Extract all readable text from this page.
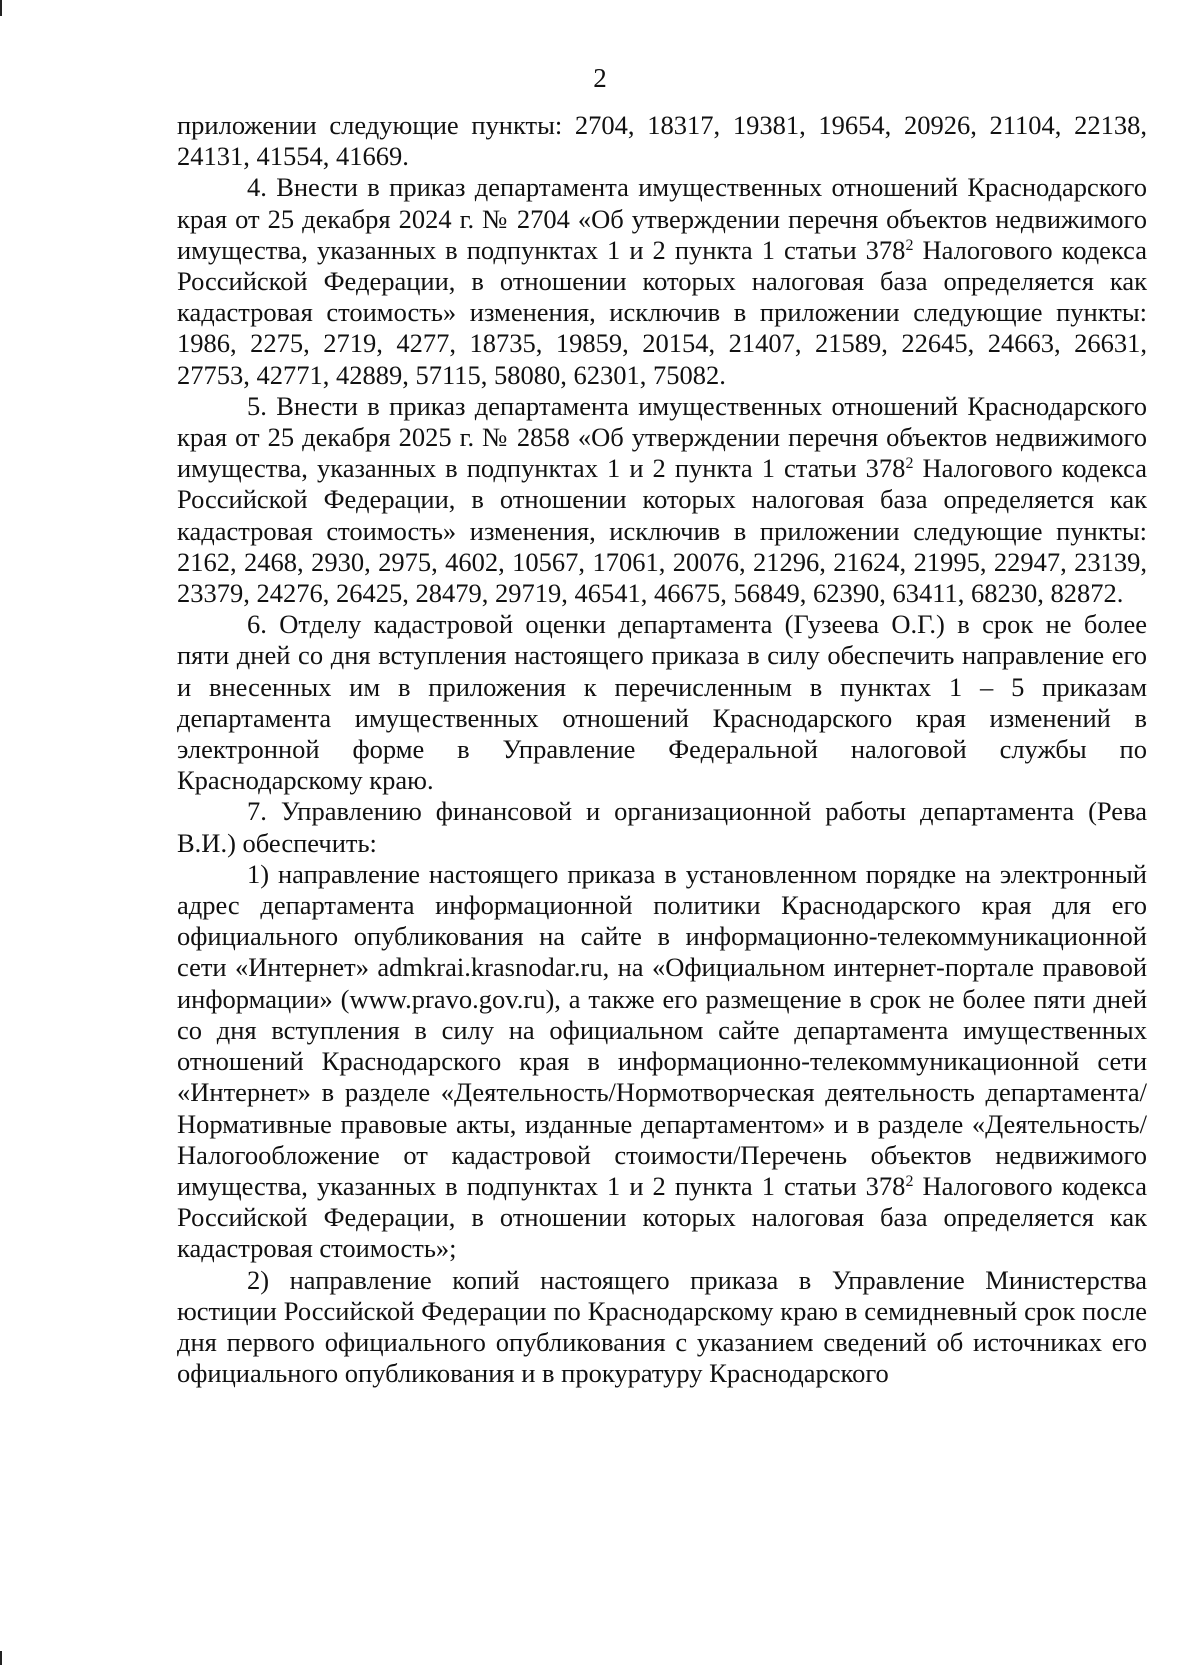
2

приложении следующие пункты: 2704, 18317, 19381, 19654, 20926, 21104, 22138, 24131, 41554, 41669.

4. Внести в приказ департамента имущественных отношений Краснодарского края от 25 декабря 2024 г. № 2704 «Об утверждении перечня объектов недвижимого имущества, указанных в подпунктах 1 и 2 пункта 1 статьи $378^2$ Налогового кодекса Российской Федерации, в отношении которых налоговая база определяется как кадастровая стоимость» изменения, исключив в приложении следующие пункты: 1986, 2275, 2719, 4277, 18735, 19859, 20154, 21407, 21589, 22645, 24663, 26631, 27753, 42771, 42889, 57115, 58080, 62301, 75082.

5. Внести в приказ департамента имущественных отношений Краснодарского края от 25 декабря 2025 г. № 2858 «Об утверждении перечня объектов недвижимого имущества, указанных в подпунктах 1 и 2 пункта 1 статьи $378^2$ Налогового кодекса Российской Федерации, в отношении которых налоговая база определяется как кадастровая стоимость» изменения, исключив в приложении следующие пункты: 2162, 2468, 2930, 2975, 4602, 10567, 17061, 20076, 21296, 21624, 21995, 22947, 23139, 23379, 24276, 26425, 28479, 29719, 46541, 46675, 56849, 62390, 63411, 68230, 82872.

6. Отделу кадастровой оценки департамента (Гузеева О.Г.) в срок не более пяти дней со дня вступления настоящего приказа в силу обеспечить направление его и внесенных им в приложения к перечисленным в пунктах 1 – 5 приказам департамента имущественных отношений Краснодарского края изменений в электронной форме в Управление Федеральной налоговой службы по Краснодарскому краю.

7. Управлению финансовой и организационной работы департамента (Рева В.И.) обеспечить:

1) направление настоящего приказа в установленном порядке на электронный адрес департамента информационной политики Краснодарского края для его официального опубликования на сайте в информационно-телекоммуникационной сети «Интернет» admkrai.krasnodar.ru, на «Официальном интернет-портале правовой информации» (www.pravo.gov.ru), а также его размещение в срок не более пяти дней со дня вступления в силу на официальном сайте департамента имущественных отношений Краснодарского края в информационно-телекоммуникационной сети «Интернет» в разделе «Деятельность/Нормотворческая деятельность департамента/Нормативные правовые акты, изданные департаментом» и в разделе «Деятельность/ Налогообложение от кадастровой стоимости/Перечень объектов недвижимого имущества, указанных в подпунктах 1 и 2 пункта 1 статьи $378^2$ Налогового кодекса Российской Федерации, в отношении которых налоговая база определяется как кадастровая стоимость»;

2) направление копий настоящего приказа в Управление Министерства юстиции Российской Федерации по Краснодарскому краю в семидневный срок после дня первого официального опубликования с указанием сведений об источниках его официального опубликования и в прокуратуру Краснодарского
